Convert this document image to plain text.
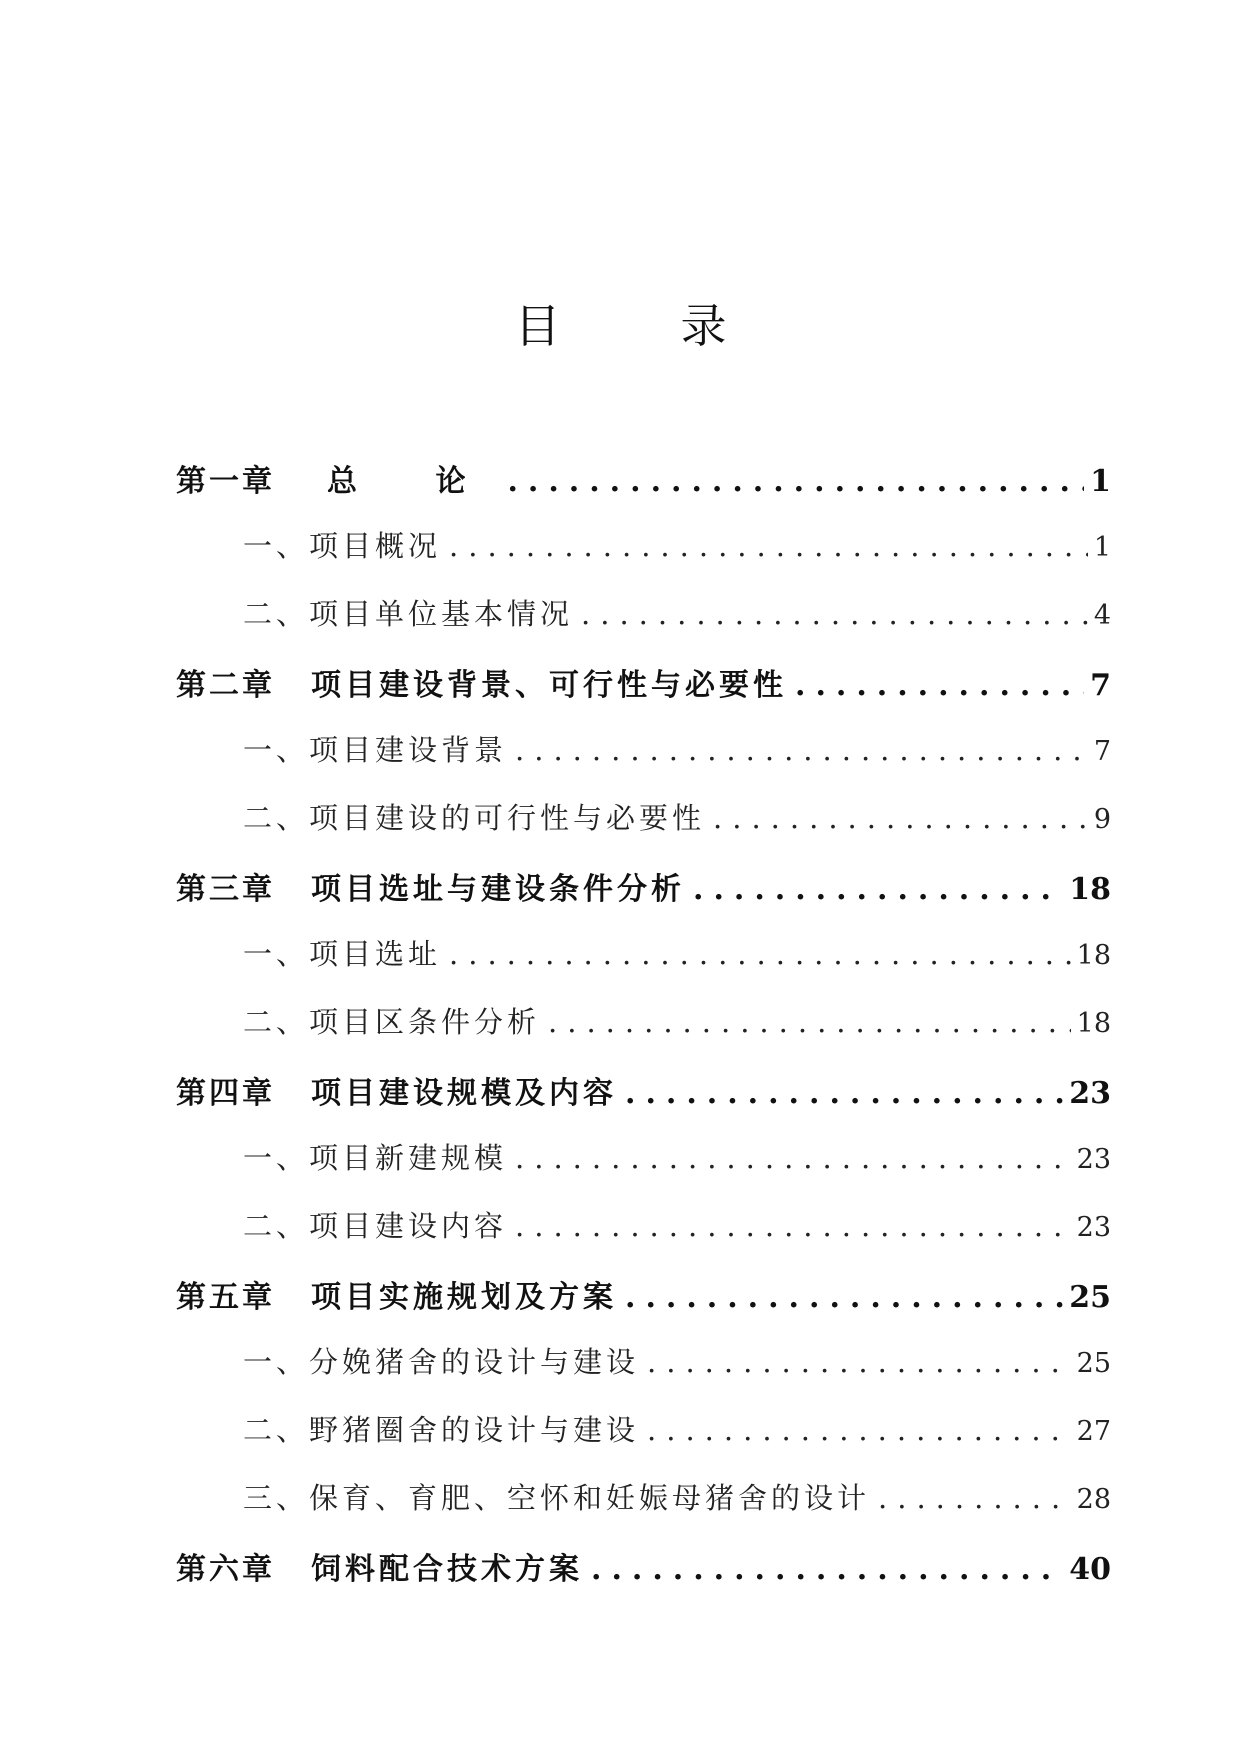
目	录
第一章 总 论 .....	1
一、项目概况 .....	1
二、项目单位基本情况 .....	4
第二章 项目建设背景、可行性与必要性 .....	7
一、项目建设背景 .....	7
二、项目建设的可行性与必要性 .....	9
第三章 项目选址与建设条件分析 .....	18
一、项目选址 .....	18
二、项目区条件分析 .....	18
第四章 项目建设规模及内容 .....	23
一、项目新建规模 .....	23
二、项目建设内容 .....	23
第五章 项目实施规划及方案 .....	25
一、分娩猪舍的设计与建设 .....	25
二、野猪圈舍的设计与建设 .....	27
三、保育、育肥、空怀和妊娠母猪舍的设计 .....	28
第六章 饲料配合技术方案 .....	40
